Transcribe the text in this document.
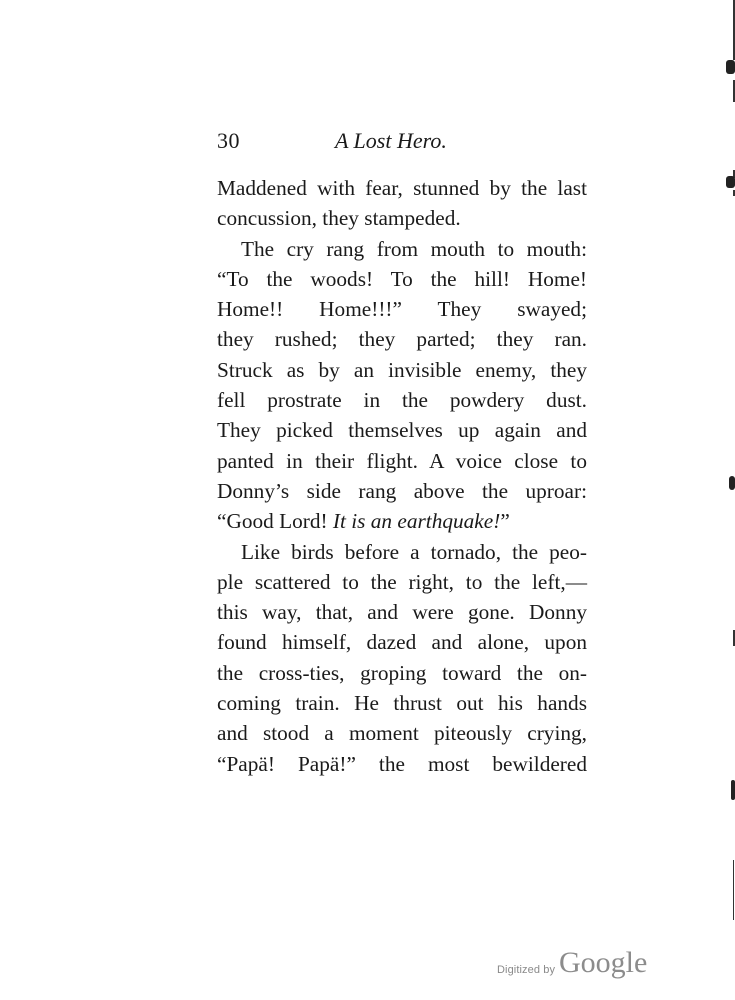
30	A Lost Hero.
Maddened with fear, stunned by the last
concussion, they stampeded.
The cry rang from mouth to mouth:
“To the woods! To the hill! Home!
Home!! Home!!!” They swayed;
they rushed; they parted; they ran.
Struck as by an invisible enemy, they
fell prostrate in the powdery dust.
They picked themselves up again and
panted in their flight. A voice close to
Donny’s side rang above the uproar:
“Good Lord! It is an earthquake!”
Like birds before a tornado, the peo-
ple scattered to the right, to the left,—
this way, that, and were gone. Donny
found himself, dazed and alone, upon
the cross-ties, groping toward the on-
coming train. He thrust out his hands
and stood a moment piteously crying,
“Papä! Papä!” the most bewildered
Digitized by Google
